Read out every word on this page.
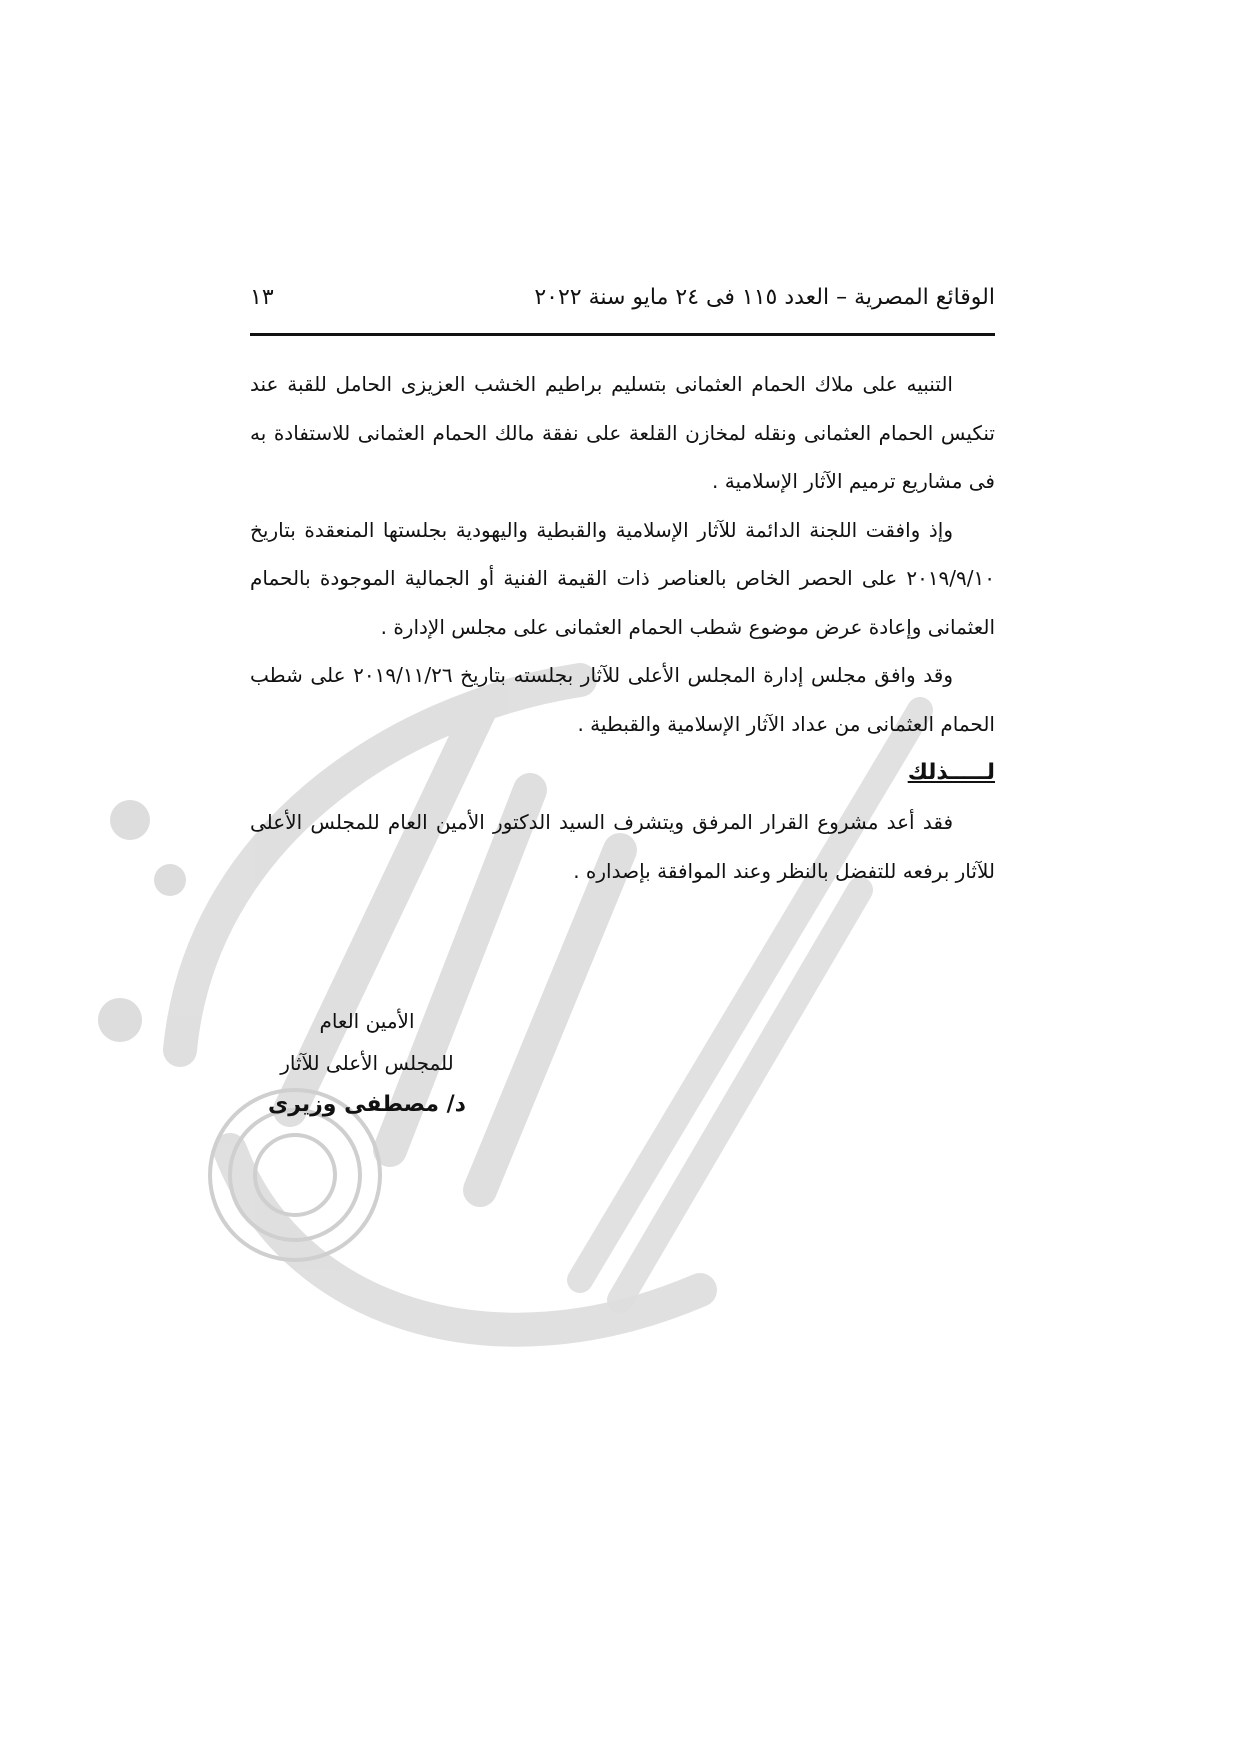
الوقائع المصرية – العدد ١١٥ فى ٢٤ مايو سنة ٢٠٢٢
١٣

التنبيه على ملاك الحمام العثمانى بتسليم براطيم الخشب العزيزى الحامل للقبة عند تنكيس الحمام العثمانى ونقله لمخازن القلعة على نفقة مالك الحمام العثمانى للاستفادة به فى مشاريع ترميم الآثار الإسلامية .

وإذ وافقت اللجنة الدائمة للآثار الإسلامية والقبطية واليهودية بجلستها المنعقدة بتاريخ ٢٠١٩/٩/١٠ على الحصر الخاص بالعناصر ذات القيمة الفنية أو الجمالية الموجودة بالحمام العثمانى وإعادة عرض موضوع شطب الحمام العثمانى على مجلس الإدارة .

وقد وافق مجلس إدارة المجلس الأعلى للآثار بجلسته بتاريخ ٢٠١٩/١١/٢٦ على شطب الحمام العثمانى من عداد الآثار الإسلامية والقبطية .

لـــــذلك

فقد أعد مشروع القرار المرفق ويتشرف السيد الدكتور الأمين العام للمجلس الأعلى للآثار برفعه للتفضل بالنظر وعند الموافقة بإصداره .

الأمين العام
للمجلس الأعلى للآثار
د/ مصطفى وزيرى
